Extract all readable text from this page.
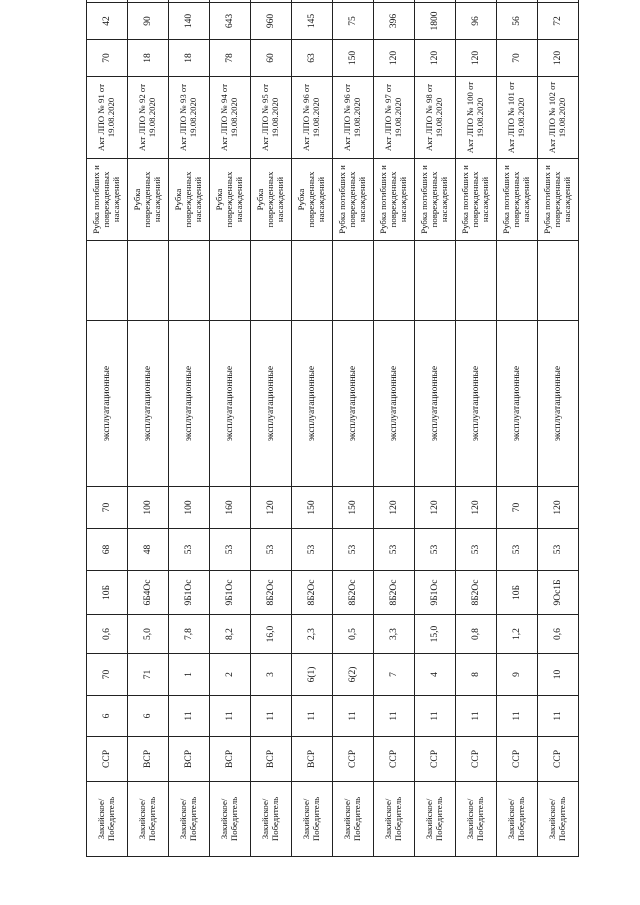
Закийское/ Победитель	ССР	6	70	0,6	10Б	68	70	эксплуатационные		Рубка погибших и поврежденных насаждений	Акт ЛПО № 91 от 19.08.2020	70	42	
Закийское/ Победитель	ВСР	6	71	5,0	6Б4Ос	48	100	эксплуатационные		Рубка поврежденных насаждений	Акт ЛПО № 92 от 19.08.2020	18	90	
Закийское/ Победитель	ВСР	11	1	7,8	9Б1Ос	53	100	эксплуатационные		Рубка поврежденных насаждений	Акт ЛПО № 93 от 19.08.2020	18	140	
Закийское/ Победитель	ВСР	11	2	8,2	9Б1Ос	53	160	эксплуатационные		Рубка поврежденных насаждений	Акт ЛПО № 94 от 19.08.2020	78	643	
Закийское/ Победитель	ВСР	11	3	16,0	8Б2Ос	53	120	эксплуатационные		Рубка поврежденных насаждений	Акт ЛПО № 95 от 19.08.2020	60	960	
Закийское/ Победитель	ВСР	11	6(1)	2,3	8Б2Ос	53	150	эксплуатационные		Рубка поврежденных насаждений	Акт ЛПО № 96 от 19.08.2020	63	145	
Закийское/ Победитель	ССР	11	6(2)	0,5	8Б2Ос	53	150	эксплуатационные		Рубка погибших и поврежденных насаждений	Акт ЛПО № 96 от 19.08.2020	150	75	
Закийское/ Победитель	ССР	11	7	3,3	8Б2Ос	53	120	эксплуатационные		Рубка погибших и поврежденных насаждений	Акт ЛПО № 97 от 19.08.2020	120	396	
Закийское/ Победитель	ССР	11	4	15,0	9Б1Ос	53	120	эксплуатационные		Рубка погибших и поврежденных насаждений	Акт ЛПО № 98 от 19.08.2020	120	1800	
Закийское/ Победитель	ССР	11	8	0,8	8Б2Ос	53	120	эксплуатационные		Рубка погибших и поврежденных насаждений	Акт ЛПО № 100 от 19.08.2020	120	96	
Закийское/ Победитель	ССР	11	9	1,2	10Б	53	70	эксплуатационные		Рубка погибших и поврежденных насаждений	Акт ЛПО № 101 от 19.08.2020	70	56	
Закийское/ Победитель	ССР	11	10	0,6	9Ос1Б	53	120	эксплуатационные		Рубка погибших и поврежденных насаждений	Акт ЛПО № 102 от 19.08.2020	120	72	
